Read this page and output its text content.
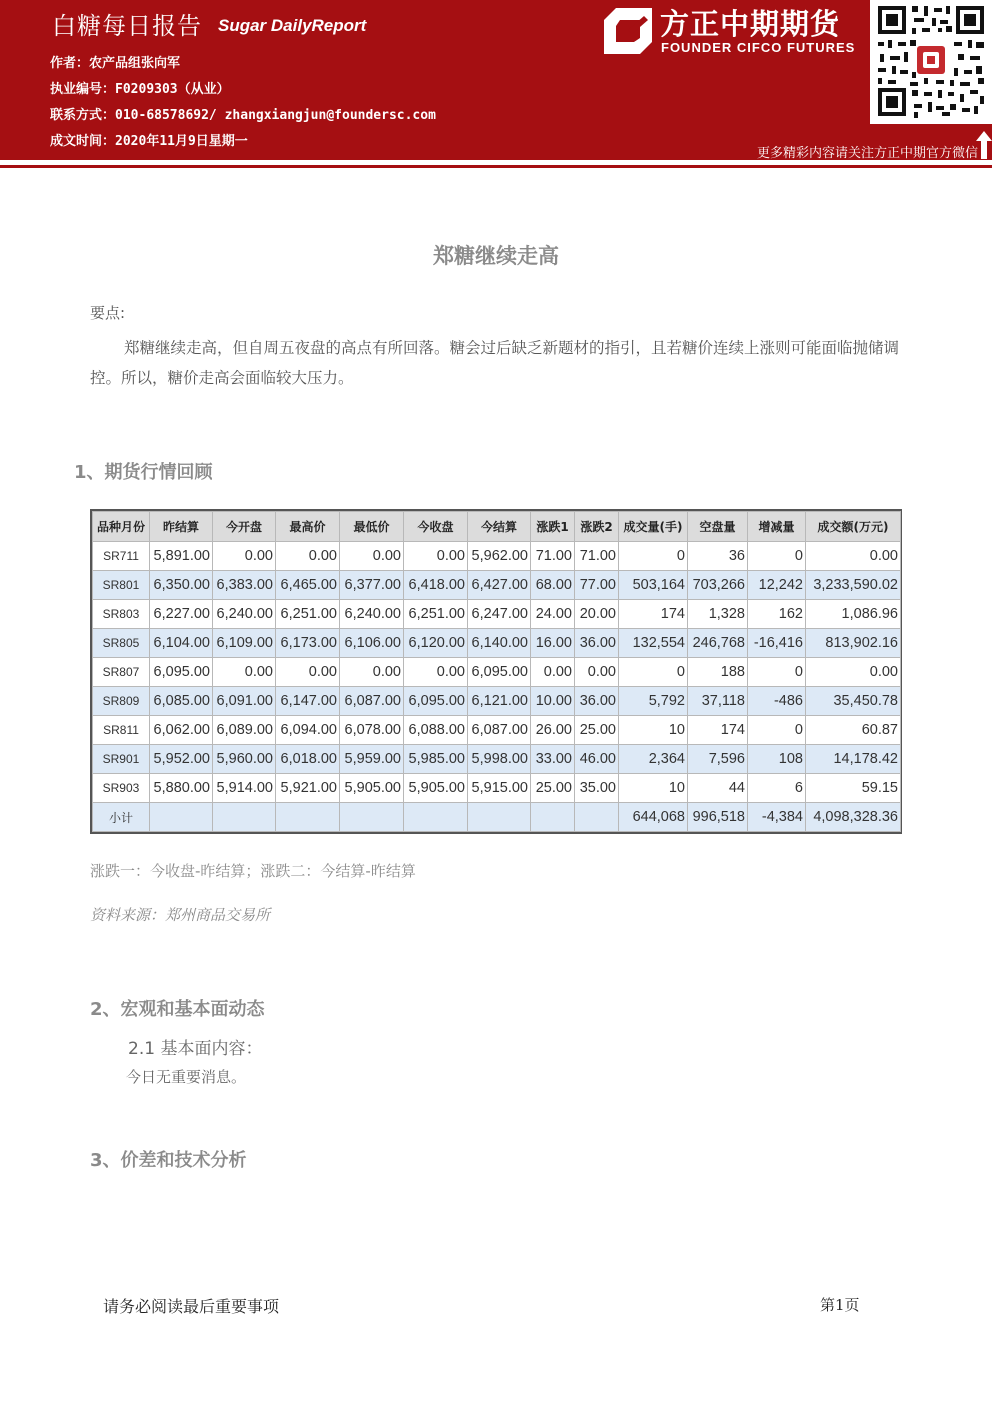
白糖每日报告 Sugar DailyReport
作者：农产品组张向军
执业编号：F0209303（从业）
联系方式：010-68578692/ zhangxiangjun@foundersc.com
成文时间：2020年11月9日星期一
方正中期期货
FOUNDER CIFCO FUTURES
更多精彩内容请关注方正中期官方微信
郑糖继续走高
要点:
郑糖继续走高，但自周五夜盘的高点有所回落。糖会过后缺乏新题材的指引，且若糖价连续上涨则可能面临抛储调控。所以，糖价走高会面临较大压力。
1、期货行情回顾
品种月份	昨结算	今开盘	最高价	最低价	今收盘	今结算	涨跌1	涨跌2	成交量(手)	空盘量	增减量	成交额(万元)
SR711	5,891.00	0.00	0.00	0.00	0.00	5,962.00	71.00	71.00	0	36	0	0.00
SR801	6,350.00	6,383.00	6,465.00	6,377.00	6,418.00	6,427.00	68.00	77.00	503,164	703,266	12,242	3,233,590.02
SR803	6,227.00	6,240.00	6,251.00	6,240.00	6,251.00	6,247.00	24.00	20.00	174	1,328	162	1,086.96
SR805	6,104.00	6,109.00	6,173.00	6,106.00	6,120.00	6,140.00	16.00	36.00	132,554	246,768	-16,416	813,902.16
SR807	6,095.00	0.00	0.00	0.00	0.00	6,095.00	0.00	0.00	0	188	0	0.00
SR809	6,085.00	6,091.00	6,147.00	6,087.00	6,095.00	6,121.00	10.00	36.00	5,792	37,118	-486	35,450.78
SR811	6,062.00	6,089.00	6,094.00	6,078.00	6,088.00	6,087.00	26.00	25.00	10	174	0	60.87
SR901	5,952.00	5,960.00	6,018.00	5,959.00	5,985.00	5,998.00	33.00	46.00	2,364	7,596	108	14,178.42
SR903	5,880.00	5,914.00	5,921.00	5,905.00	5,905.00	5,915.00	25.00	35.00	10	44	6	59.15
小计									644,068	996,518	-4,384	4,098,328.36
涨跌一：今收盘-昨结算；涨跌二：今结算-昨结算
资料来源：郑州商品交易所
2、宏观和基本面动态
2.1 基本面内容：
今日无重要消息。
3、价差和技术分析
请务必阅读最后重要事项	第1页
